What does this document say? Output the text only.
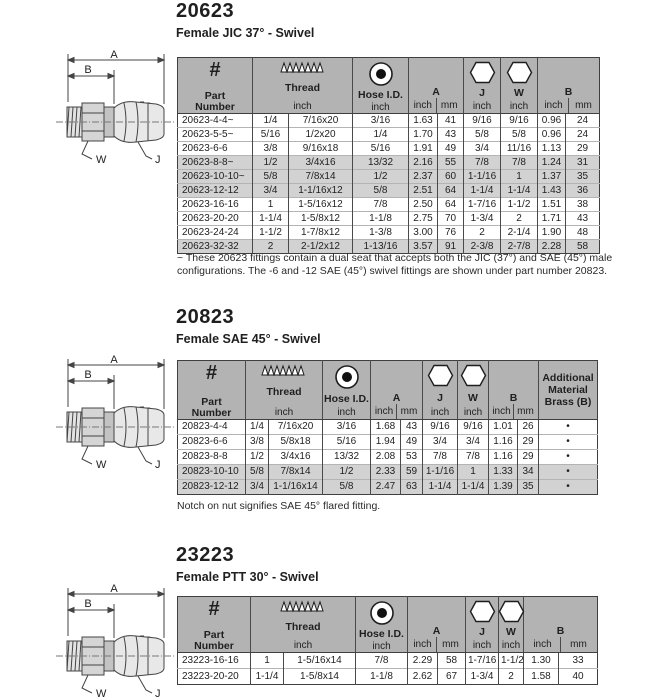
20623
Female JIC 37° - Swivel
A
B
W	J
#
Part
Number	Thread
inch		Hose I.D.
inch	A
inch mm		J
inch	W
inch	B
inch mm	

20623-4-4~	1/4	7/16x20	3/16	1.63	41	9/16	9/16	0.96	24
20623-5-5~	5/16	1/2x20	1/4	1.70	43	5/8	5/8	0.96	24
20623-6-6	3/8	9/16x18	5/16	1.91	49	3/4	11/16	1.13	29
20623-8-8~	1/2	3/4x16	13/32	2.16	55	7/8	7/8	1.24	31
20623-10-10~	5/8	7/8x14	1/2	2.37	60	1-1/16	1	1.37	35
20623-12-12	3/4	1-1/16x12	5/8	2.51	64	1-1/4	1-1/4	1.43	36
20623-16-16	1	1-5/16x12	7/8	2.50	64	1-7/16	1-1/2	1.51	38
20623-20-20	1-1/4	1-5/8x12	1-1/8	2.75	70	1-3/4	2	1.71	43
20623-24-24	1-1/2	1-7/8x12	1-3/8	3.00	76	2	2-1/4	1.90	48
20623-32-32	2	2-1/2x12	1-13/16	3.57	91	2-3/8	2-7/8	2.28	58
~ These 20623 fittings contain a dual seat that accepts both the JIC (37°) and SAE (45°) male configurations. The -6 and -12 SAE (45°) swivel fittings are shown under part number 20823.
20823
Female SAE 45° - Swivel
A
B
W	J
#
Part
Number	Thread
inch		Hose I.D.
inch	A
inch mm		J
inch	W
inch	B
inch mm		Additional Material Brass (B)

20823-4-4	1/4	7/16x20	3/16	1.68	43	9/16	9/16	1.01	26	•
20823-6-6	3/8	5/8x18	5/16	1.94	49	3/4	3/4	1.16	29	•
20823-8-8	1/2	3/4x16	13/32	2.08	53	7/8	7/8	1.16	29	•
20823-10-10	5/8	7/8x14	1/2	2.33	59	1-1/16	1	1.33	34	•
20823-12-12	3/4	1-1/16x14	5/8	2.47	63	1-1/4	1-1/4	1.39	35	•
Notch on nut signifies SAE 45° flared fitting.
23223
Female PTT 30° - Swivel
A
B
W	J
#
Part
Number	Thread
inch		Hose I.D.
inch	A
inch mm		J
inch	W
inch	B
inch mm	

23223-16-16	1	1-5/16x14	7/8	2.29	58	1-7/16	1-1/2	1.30	33
23223-20-20	1-1/4	1-5/8x14	1-1/8	2.62	67	1-3/4	2	1.58	40
